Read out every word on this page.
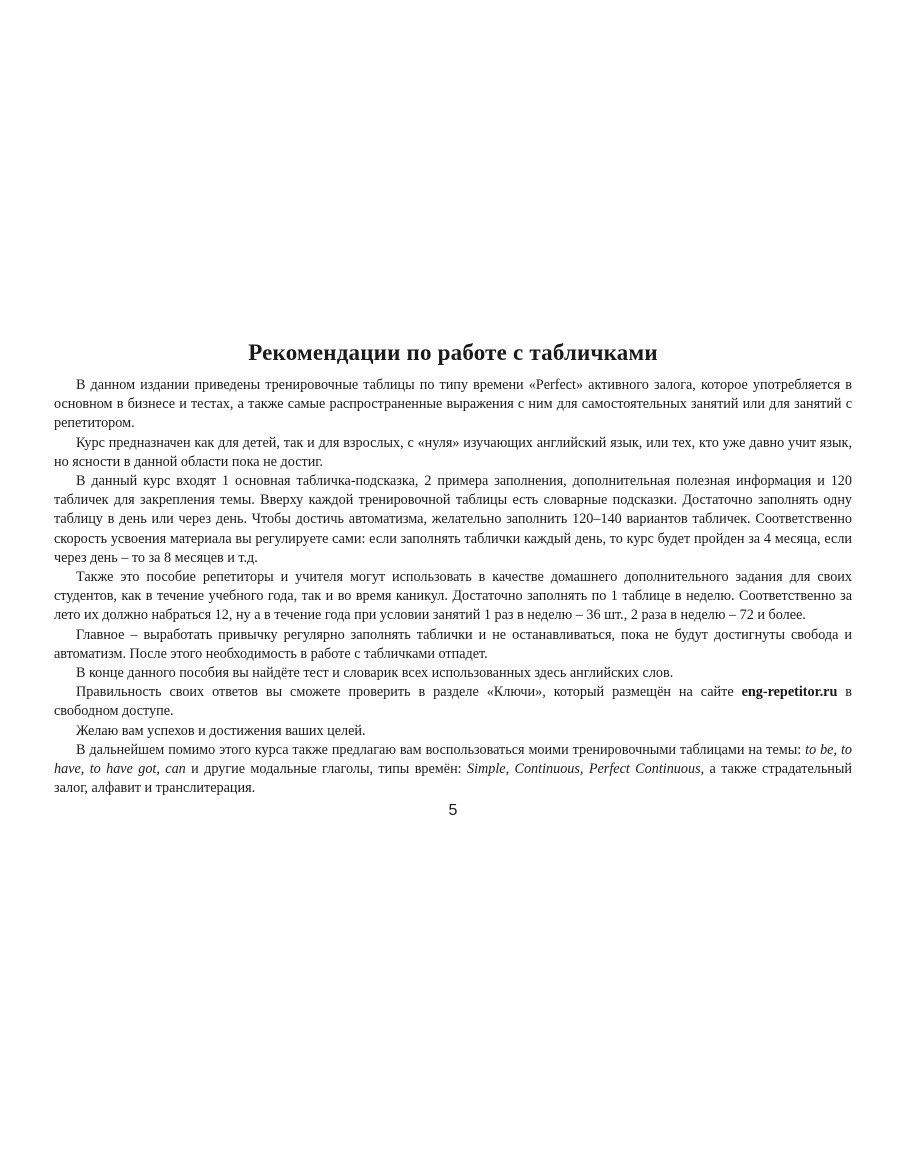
Рекомендации по работе с табличками

В данном издании приведены тренировочные таблицы по типу времени «Perfect» активного залога, которое употребляется в основном в бизнесе и тестах, а также самые распространенные выражения с ним для самостоятельных занятий или для занятий с репетитором.

Курс предназначен как для детей, так и для взрослых, с «нуля» изучающих английский язык, или тех, кто уже давно учит язык, но ясности в данной области пока не достиг.

В данный курс входят 1 основная табличка-подсказка, 2 примера заполнения, дополнительная полезная информация и 120 табличек для закрепления темы. Вверху каждой тренировочной таблицы есть словарные подсказки. Достаточно заполнять одну таблицу в день или через день. Чтобы достичь автоматизма, желательно заполнить 120–140 вариантов табличек. Соответственно скорость усвоения материала вы регулируете сами: если заполнять таблички каждый день, то курс будет пройден за 4 месяца, если через день – то за 8 месяцев и т.д.

Также это пособие репетиторы и учителя могут использовать в качестве домашнего дополнительного задания для своих студентов, как в течение учебного года, так и во время каникул. Достаточно заполнять по 1 таблице в неделю. Соответственно за лето их должно набраться 12, ну а в течение года при условии занятий 1 раз в неделю – 36 шт., 2 раза в неделю – 72 и более.

Главное – выработать привычку регулярно заполнять таблички и не останавливаться, пока не будут достигнуты свобода и автоматизм. После этого необходимость в работе с табличками отпадет.

В конце данного пособия вы найдёте тест и словарик всех использованных здесь английских слов.

Правильность своих ответов вы сможете проверить в разделе «Ключи», который размещён на сайте eng-repetitor.ru в свободном доступе.

Желаю вам успехов и достижения ваших целей.

В дальнейшем помимо этого курса также предлагаю вам воспользоваться моими тренировочными таблицами на темы: to be, to have, to have got, can и другие модальные глаголы, типы времён: Simple, Continuous, Perfect Continuous, а также страдательный залог, алфавит и транслитерация.

5
